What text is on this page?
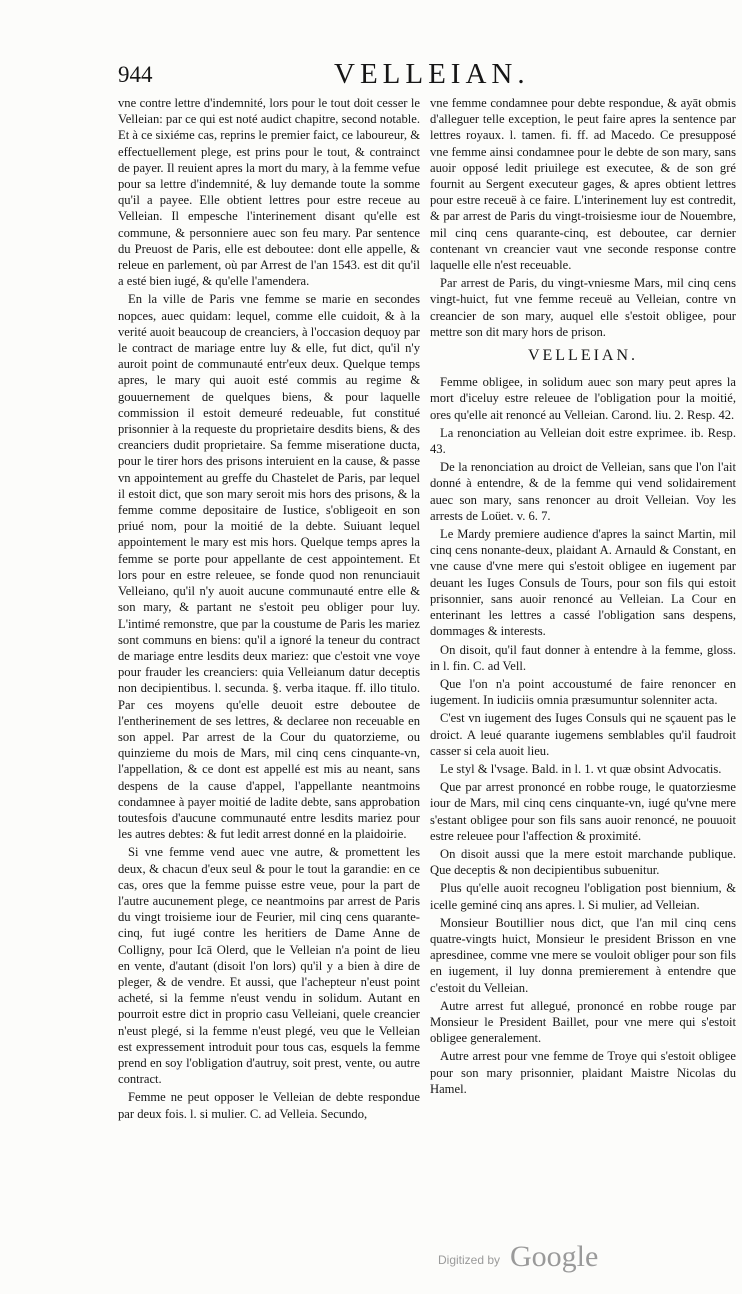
944	VELLEIAN.

vne contre lettre d'indemnité, lors pour le tout doit cesser le Velleian: par ce qui est noté audict chapitre, second notable. Et à ce sixiéme cas, reprins le premier faict, ce laboureur, & effectuellement plege, est prins pour le tout, & contrainct de payer. Il reuient apres la mort du mary, à la femme vefue pour sa lettre d'indemnité, & luy demande toute la somme qu'il a payee. Elle obtient lettres pour estre receue au Velleian. Il empesche l'interinement disant qu'elle est commune, & personniere auec son feu mary. Par sentence du Preuost de Paris, elle est deboutee: dont elle appelle, & releue en parlement, où par Arrest de l'an 1543. est dit qu'il a esté bien iugé, & qu'elle l'amendera.

En la ville de Paris vne femme se marie en secondes nopces, auec quidam: lequel, comme elle cuidoit, & à la verité auoit beaucoup de creanciers, à l'occasion dequoy par le contract de mariage entre luy & elle, fut dict, qu'il n'y auroit point de communauté entr'eux deux. Quelque temps apres, le mary qui auoit esté commis au regime & gouuernement de quelques biens, & pour laquelle commission il estoit demeuré redeuable, fut constitué prisonnier à la requeste du proprietaire desdits biens, & des creanciers dudit proprietaire. Sa femme miseratione ducta, pour le tirer hors des prisons interuient en la cause, & passe vn appointement au greffe du Chastelet de Paris, par lequel il estoit dict, que son mary seroit mis hors des prisons, & la femme comme depositaire de Iustice, s'obligeoit en son priué nom, pour la moitié de la debte. Suiuant lequel appointement le mary est mis hors. Quelque temps apres la femme se porte pour appellante de cest appointement. Et lors pour en estre releuee, se fonde quod non renunciauit Velleiano, qu'il n'y auoit aucune communauté entre elle & son mary, & partant ne s'estoit peu obliger pour luy. L'intimé remonstre, que par la coustume de Paris les mariez sont communs en biens: qu'il a ignoré la teneur du contract de mariage entre lesdits deux mariez: que c'estoit vne voye pour frauder les creanciers: quia Velleianum datur deceptis non decipientibus. l. secunda. §. verba itaque. ff. illo titulo. Par ces moyens qu'elle deuoit estre deboutee de l'entherinement de ses lettres, & declaree non receuable en son appel. Par arrest de la Cour du quatorzieme, ou quinzieme du mois de Mars, mil cinq cens cinquante-vn, l'appellation, & ce dont est appellé est mis au neant, sans despens de la cause d'appel, l'appellante neantmoins condamnee à payer moitié de ladite debte, sans approbation toutesfois d'aucune communauté entre lesdits mariez pour les autres debtes: & fut ledit arrest donné en la plaidoirie.

Si vne femme vend auec vne autre, & promettent les deux, & chacun d'eux seul & pour le tout la garandie: en ce cas, ores que la femme puisse estre veue, pour la part de l'autre aucunement plege, ce neantmoins par arrest de Paris du vingt troisieme iour de Feurier, mil cinq cens quarante-cinq, fut iugé contre les heritiers de Dame Anne de Colligny, pour Icā Olerd, que le Velleian n'a point de lieu en vente, d'autant (disoit l'on lors) qu'il y a bien à dire de pleger, & de vendre. Et aussi, que l'achepteur n'eust point acheté, si la femme n'eust vendu in solidum. Autant en pourroit estre dict in proprio casu Velleiani, quele creancier n'eust plegé, si la femme n'eust plegé, veu que le Velleian est expressement introduit pour tous cas, esquels la femme prend en soy l'obligation d'autruy, soit prest, vente, ou autre contract.

Femme ne peut opposer le Velleian de debte respondue par deux fois. l. si mulier. C. ad Velleia. Secundo,

vne femme condamnee pour debte respondue, & ayāt obmis d'alleguer telle exception, le peut faire apres la sentence par lettres royaux. l. tamen. fi. ff. ad Macedo. Ce presupposé vne femme ainsi condamnee pour le debte de son mary, sans auoir opposé ledit priuilege est executee, & de son gré fournit au Sergent executeur gages, & apres obtient lettres pour estre receuë à ce faire. L'interinement luy est contredit, & par arrest de Paris du vingt-troisiesme iour de Nouembre, mil cinq cens quarante-cinq, est deboutee, car dernier contenant vn creancier vaut vne seconde response contre laquelle elle n'est receuable.

Par arrest de Paris, du vingt-vniesme Mars, mil cinq cens vingt-huict, fut vne femme receuë au Velleian, contre vn creancier de son mary, auquel elle s'estoit obligee, pour mettre son dit mary hors de prison.

VELLEIAN.

Femme obligee, in solidum auec son mary peut apres la mort d'iceluy estre releuee de l'obligation pour la moitié, ores qu'elle ait renoncé au Velleian. Carond. liu. 2. Resp. 42.

La renonciation au Velleian doit estre exprimee. ib. Resp. 43.

De la renonciation au droict de Velleian, sans que l'on l'ait donné à entendre, & de la femme qui vend solidairement auec son mary, sans renoncer au droit Velleian. Voy les arrests de Loüet. v. 6. 7.

Le Mardy premiere audience d'apres la sainct Martin, mil cinq cens nonante-deux, plaidant A. Arnauld & Constant, en vne cause d'vne mere qui s'estoit obligee en iugement par deuant les Iuges Consuls de Tours, pour son fils qui estoit prisonnier, sans auoir renoncé au Velleian. La Cour en enterinant les lettres a cassé l'obligation sans despens, dommages & interests.

On disoit, qu'il faut donner à entendre à la femme, gloss. in l. fin. C. ad Vell.

Que l'on n'a point accoustumé de faire renoncer en iugement. In iudiciis omnia præsumuntur solenniter acta.

C'est vn iugement des Iuges Consuls qui ne sçauent pas le droict. A leué quarante iugemens semblables qu'il faudroit casser si cela auoit lieu.

Le styl & l'vsage. Bald. in l. 1. vt quæ obsint Advocatis.

Que par arrest prononcé en robbe rouge, le quatorziesme iour de Mars, mil cinq cens cinquante-vn, iugé qu'vne mere s'estant obligee pour son fils sans auoir renoncé, ne pouuoit estre releuee pour l'affection & proximité.

On disoit aussi que la mere estoit marchande publique. Que deceptis & non decipientibus subuenitur.

Plus qu'elle auoit recogneu l'obligation post biennium, & icelle geminé cinq ans apres. l. Si mulier, ad Velleian.

Monsieur Boutillier nous dict, que l'an mil cinq cens quatre-vingts huict, Monsieur le president Brisson en vne apresdinee, comme vne mere se vouloit obliger pour son fils en iugement, il luy donna premierement à entendre que c'estoit du Velleian.

Autre arrest fut allegué, prononcé en robbe rouge par Monsieur le President Baillet, pour vne mere qui s'estoit obligee generalement.

Autre arrest pour vne femme de Troye qui s'estoit obligee pour son mary prisonnier, plaidant Maistre Nicolas du Hamel.

Digitized by Google
